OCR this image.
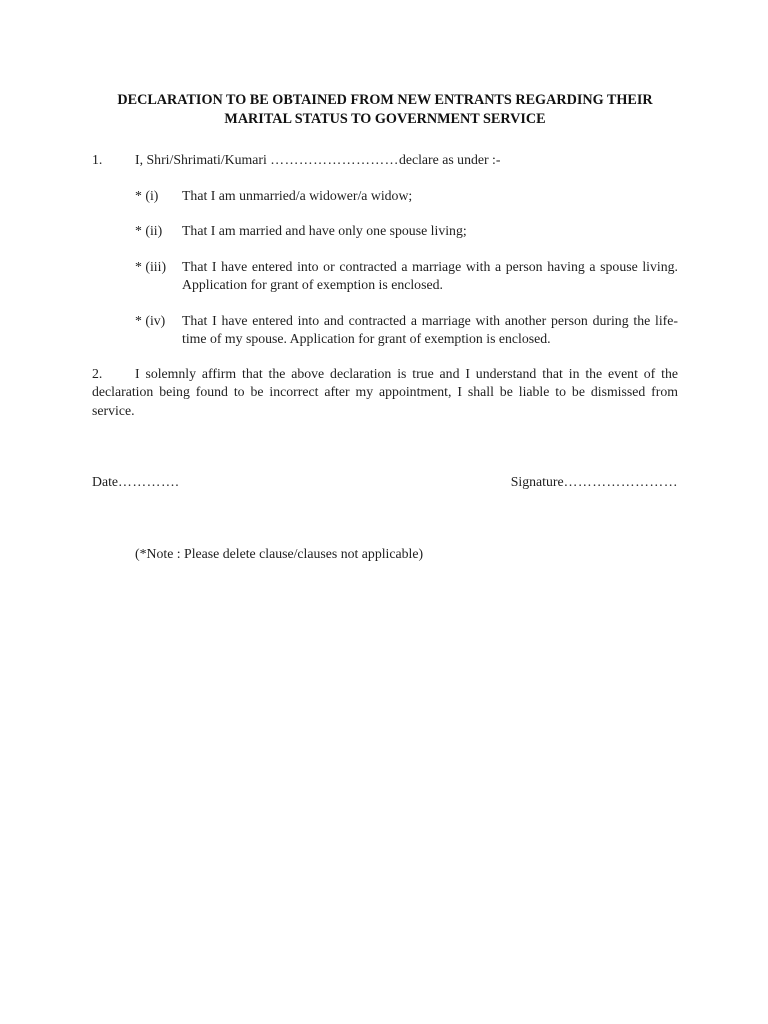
DECLARATION TO BE OBTAINED FROM NEW ENTRANTS REGARDING THEIR
MARITAL STATUS TO GOVERNMENT SERVICE

1. I, Shri/Shrimati/Kumari ………………………declare as under :-

* (i)	That I am unmarried/a widower/a widow;
* (ii)	That I am married and have only one spouse living;
* (iii)	That I have entered into or contracted a marriage with a person having a spouse living. Application for grant of exemption is enclosed.
* (iv)	That I have entered into and contracted a marriage with another person during the life-time of my spouse. Application for grant of exemption is enclosed.

2. I solemnly affirm that the above declaration is true and I understand that in the event of the declaration being found to be incorrect after my appointment, I shall be liable to be dismissed from service.

Date………….	Signature……………………

(*Note : Please delete clause/clauses not applicable)
